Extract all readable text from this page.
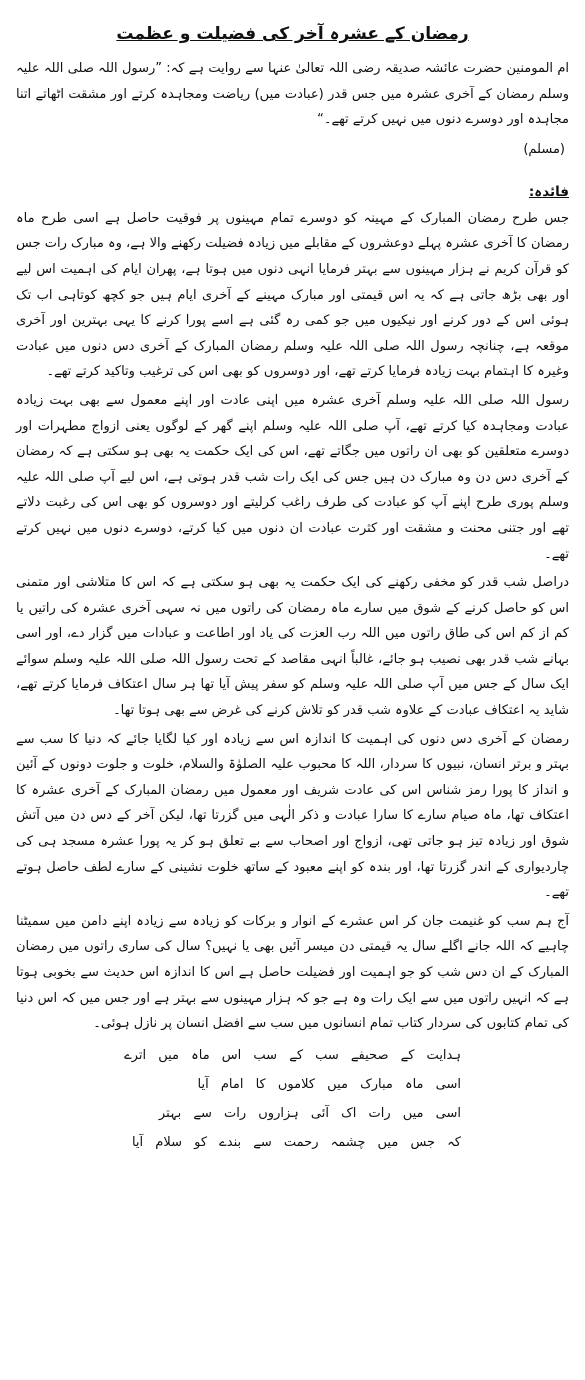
رمضان کے عشرہ آخر کی فضیلت و عظمت

ام المومنین حضرت عائشہ صدیقہ رضی اللہ تعالیٰ عنہا سے روایت ہے کہ: ”رسول اللہ صلی اللہ علیہ وسلم رمضان کے آخری عشرہ میں جس قدر (عبادت میں) ریاضت ومجاہدہ کرتے اور مشقت اٹھاتے اتنا مجاہدہ اور دوسرے دنوں میں نہیں کرتے تھے۔“

(مسلم)
فائدہ:

جس طرح رمضان المبارک کے مہینہ کو دوسرے تمام مہینوں پر فوقیت حاصل ہے اسی طرح ماہ رمضان کا آخری عشرہ پہلے دوعشروں کے مقابلے میں زیادہ فضیلت رکھنے والا ہے، وہ مبارک رات جس کو قرآن کریم نے ہزار مہینوں سے بہتر فرمایا انہی دنوں میں ہوتا ہے، پھران ایام کی اہمیت اس لیے اور بھی بڑھ جاتی ہے کہ یہ اس قیمتی اور مبارک مہینے کے آخری ایام ہیں جو کچھ کوتاہی اب تک ہوئی اس کے دور کرنے اور نیکیوں میں جو کمی رہ گئی ہے اسے پورا کرنے کا یہی بہترین اور آخری موقعہ ہے، چنانچہ رسول اللہ صلی اللہ علیہ وسلم رمضان المبارک کے آخری دس دنوں میں عبادت وغیرہ کا اہتمام بہت زیادہ فرمایا کرتے تھے، اور دوسروں کو بھی اس کی ترغیب وتاکید کرتے تھے۔

رسول اللہ صلی اللہ علیہ وسلم آخری عشرہ میں اپنی عادت اور اپنے معمول سے بھی بہت زیادہ عبادت ومجاہدہ کیا کرتے تھے، آپ صلی اللہ علیہ وسلم اپنے گھر کے لوگوں یعنی ازواج مطہرات اور دوسرے متعلقین کو بھی ان راتوں میں جگاتے تھے، اس کی ایک حکمت یہ بھی ہو سکتی ہے کہ رمضان کے آخری دس دن وہ مبارک دن ہیں جس کی ایک رات شب قدر ہوتی ہے، اس لیے آپ صلی اللہ علیہ وسلم پوری طرح اپنے آپ کو عبادت کی طرف راغب کرلیتے اور دوسروں کو بھی اس کی رغبت دلاتے تھے اور جتنی محنت و مشقت اور کثرت عبادت ان دنوں میں کیا کرتے، دوسرے دنوں میں نہیں کرتے تھے۔

دراصل شب قدر کو مخفی رکھنے کی ایک حکمت یہ بھی ہو سکتی ہے کہ اس کا متلاشی اور متمنی اس کو حاصل کرنے کے شوق میں سارے ماہ رمضان کی راتوں میں نہ سہی آخری عشرہ کی راتیں یا کم از کم اس کی طاق راتوں میں اللہ رب العزت کی یاد اور اطاعت و عبادات میں گزار دے، اور اسی بہانے شب قدر بھی نصیب ہو جائے، غالباً انہی مقاصد کے تحت رسول اللہ صلی اللہ علیہ وسلم سوائے ایک سال کے جس میں آپ صلی اللہ علیہ وسلم کو سفر پیش آیا تھا ہر سال اعتکاف فرمایا کرتے تھے، شاید یہ اعتکاف عبادت کے علاوہ شب قدر کو تلاش کرنے کی غرض سے بھی ہوتا تھا۔

رمضان کے آخری دس دنوں کی اہمیت کا اندازہ اس سے زیادہ اور کیا لگایا جائے کہ دنیا کا سب سے بہتر و برتر انسان، نبیوں کا سردار، اللہ کا محبوب علیہ الصلوٰۃ والسلام، خلوت و جلوت دونوں کے آئین و انداز کا پورا رمز شناس اس کی عادت شریف اور معمول میں رمضان المبارک کے آخری عشرہ کا اعتکاف تھا، ماہ صیام سارے کا سارا عبادت و ذکر الٰہی میں گزرتا تھا، لیکن آخر کے دس دن میں آتش شوق اور زیادہ تیز ہو جاتی تھی، ازواج اور اصحاب سے بے تعلق ہو کر یہ پورا عشرہ مسجد ہی کی چاردیواری کے اندر گزرتا تھا، اور بندہ کو اپنے معبود کے ساتھ خلوت نشینی کے سارے لطف حاصل ہوتے تھے۔

آج ہم سب کو غنیمت جان کر اس عشرے کے انوار و برکات کو زیادہ سے زیادہ اپنے دامن میں سمیٹنا چاہیے کہ اللہ جانے اگلے سال یہ قیمتی دن میسر آئیں بھی یا نہیں؟ سال کی ساری راتوں میں رمضان المبارک کے ان دس شب کو جو اہمیت اور فضیلت حاصل ہے اس کا اندازہ اس حدیث سے بخوبی ہوتا ہے کہ انہیں راتوں میں سے ایک رات وہ ہے جو کہ ہزار مہینوں سے بہتر ہے اور جس میں کہ اس دنیا کی تمام کتابوں کی سردار کتاب تمام انسانوں میں سب سے افضل انسان پر نازل ہوئی۔

ہدایت کے صحیفے سب کے سب اس ماہ میں اترے
اسی ماہ مبارک میں کلاموں کا امام آیا
اسی میں رات اک آئی ہزاروں رات سے بہتر
کہ جس میں چشمہ رحمت سے بندے کو سلام آیا
